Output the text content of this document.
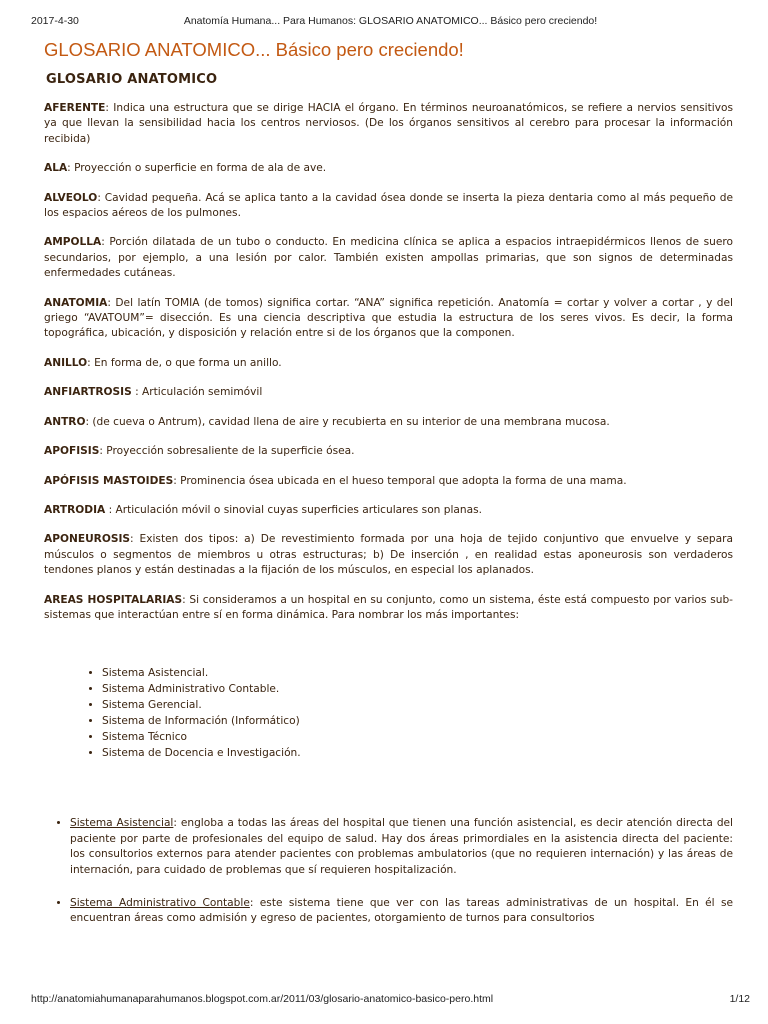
2017-4-30	Anatomía Humana... Para Humanos: GLOSARIO ANATOMICO... Básico pero creciendo!
GLOSARIO ANATOMICO... Básico pero creciendo!
GLOSARIO ANATOMICO

AFERENTE: Indica una estructura que se dirige HACIA el órgano. En términos neuroanatómicos, se refiere a nervios sensitivos ya que llevan la sensibilidad hacia los centros nerviosos. (De los órganos sensitivos al cerebro para procesar la información recibida)

ALA: Proyección o superficie en forma de ala de ave.

ALVEOLO: Cavidad pequeña. Acá se aplica tanto a la cavidad ósea donde se inserta la pieza dentaria como al más pequeño de los espacios aéreos de los pulmones.

AMPOLLA: Porción dilatada de un tubo o conducto. En medicina clínica se aplica a espacios intraepidérmicos llenos de suero secundarios, por ejemplo, a una lesión por calor. También existen ampollas primarias, que son signos de determinadas enfermedades cutáneas.

ANATOMIA: Del latín TOMIA (de tomos) significa cortar. “ANA” significa repetición. Anatomía = cortar y volver a cortar , y del griego “AVATOUM”= disección. Es una ciencia descriptiva que estudia la estructura de los seres vivos. Es decir, la forma topográfica, ubicación, y disposición y relación entre si de los órganos que la componen.

ANILLO: En forma de, o que forma un anillo.

ANFIARTROSIS : Articulación semimóvil

ANTRO: (de cueva o Antrum), cavidad llena de aire y recubierta en su interior de una membrana mucosa.

APOFISIS: Proyección sobresaliente de la superficie ósea.

APÓFISIS MASTOIDES: Prominencia ósea ubicada en el hueso temporal que adopta la forma de una mama.

ARTRODIA : Articulación móvil o sinovial cuyas superficies articulares son planas.

APONEUROSIS: Existen dos tipos: a) De revestimiento formada por una hoja de tejido conjuntivo que envuelve y separa músculos o segmentos de miembros u otras estructuras; b) De inserción , en realidad estas aponeurosis son verdaderos tendones planos y están destinadas a la fijación de los músculos, en especial los aplanados.

AREAS HOSPITALARIAS: Si consideramos a un hospital en su conjunto, como un sistema, éste está compuesto por varios sub-sistemas que interactúan entre sí en forma dinámica. Para nombrar los más importantes:

• Sistema Asistencial.
• Sistema Administrativo Contable.
• Sistema Gerencial.
• Sistema de Información (Informático)
• Sistema Técnico
• Sistema de Docencia e Investigación.
• Sistema Asistencial: engloba a todas las áreas del hospital que tienen una función asistencial, es decir atención directa del paciente por parte de profesionales del equipo de salud. Hay dos áreas primordiales en la asistencia directa del paciente: los consultorios externos para atender pacientes con problemas ambulatorios (que no requieren internación) y las áreas de internación, para cuidado de problemas que sí requieren hospitalización.
• Sistema Administrativo Contable: este sistema tiene que ver con las tareas administrativas de un hospital. En él se encuentran áreas como admisión y egreso de pacientes, otorgamiento de turnos para consultorios
http://anatomiahumanaparahumanos.blogspot.com.ar/2011/03/glosario-anatomico-basico-pero.html	1/12
